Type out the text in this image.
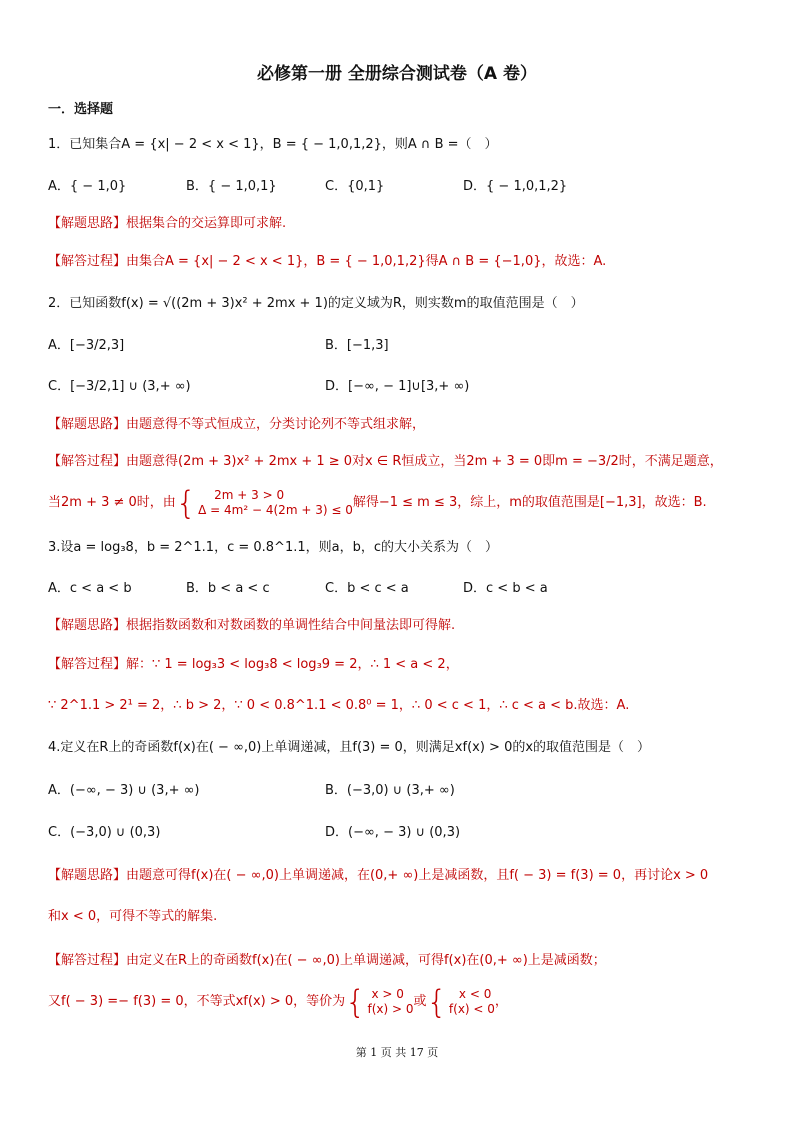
必修第一册 全册综合测试卷（A 卷）
一．选择题
1．已知集合A = {x| − 2 < x < 1}，B = { − 1,0,1,2}，则A ∩ B =（　）
A．{ − 1,0}	B．{ − 1,0,1}	C．{0,1}	D．{ − 1,0,1,2}
【解题思路】根据集合的交运算即可求解.
【解答过程】由集合A = {x| − 2 < x < 1}，B = { − 1,0,1,2}得A ∩ B = {−1,0}，故选：A.
2．已知函数f(x) = √((2m + 3)x² + 2mx + 1)的定义域为R，则实数m的取值范围是（　）
A．[−3/2,3]	B．[−1,3]
C．[−3/2,1] ∪ (3,+ ∞)	D．[−∞, − 1]∪[3,+ ∞)
【解题思路】由题意得不等式恒成立，分类讨论列不等式组求解，
【解答过程】由题意得(2m + 3)x² + 2mx + 1 ≥ 0对x ∈ R恒成立，当2m + 3 = 0即m = −3/2时，不满足题意，
当2m + 3 ≠ 0时，由 {	2m + 3 > 0
Δ = 4m² − 4(2m + 3) ≤ 0 解得−1 ≤ m ≤ 3，综上，m的取值范围是[−1,3]，故选：B.
3.设a = log₃8，b = 2^1.1，c = 0.8^1.1，则a，b，c的大小关系为（　）
A．c < a < b	B．b < a < c	C．b < c < a	D．c < b < a
【解题思路】根据指数函数和对数函数的单调性结合中间量法即可得解.
【解答过程】解：∵ 1 = log₃3 < log₃8 < log₃9 = 2，∴ 1 < a < 2，
∵ 2^1.1 > 2¹ = 2，∴ b > 2，∵ 0 < 0.8^1.1 < 0.8⁰ = 1，∴ 0 < c < 1，∴ c < a < b.故选：A.
4.定义在R上的奇函数f(x)在( − ∞,0)上单调递减，且f(3) = 0，则满足xf(x) > 0的x的取值范围是（　）
A．(−∞, − 3) ∪ (3,+ ∞)	B．(−3,0) ∪ (3,+ ∞)
C．(−3,0) ∪ (0,3)	D．(−∞, − 3) ∪ (0,3)
【解题思路】由题意可得f(x)在( − ∞,0)上单调递减，在(0,+ ∞)上是减函数，且f( − 3) = f(3) = 0，再讨论x > 0
和x < 0，可得不等式的解集.
【解答过程】由定义在R上的奇函数f(x)在( − ∞,0)上单调递减，可得f(x)在(0,+ ∞)上是减函数；
又f( − 3) =− f(3) = 0，不等式xf(x) > 0，等价为 { x > 0
f(x) > 0 或 {	x < 0
f(x) < 0 ，
第 1 页 共 17 页
